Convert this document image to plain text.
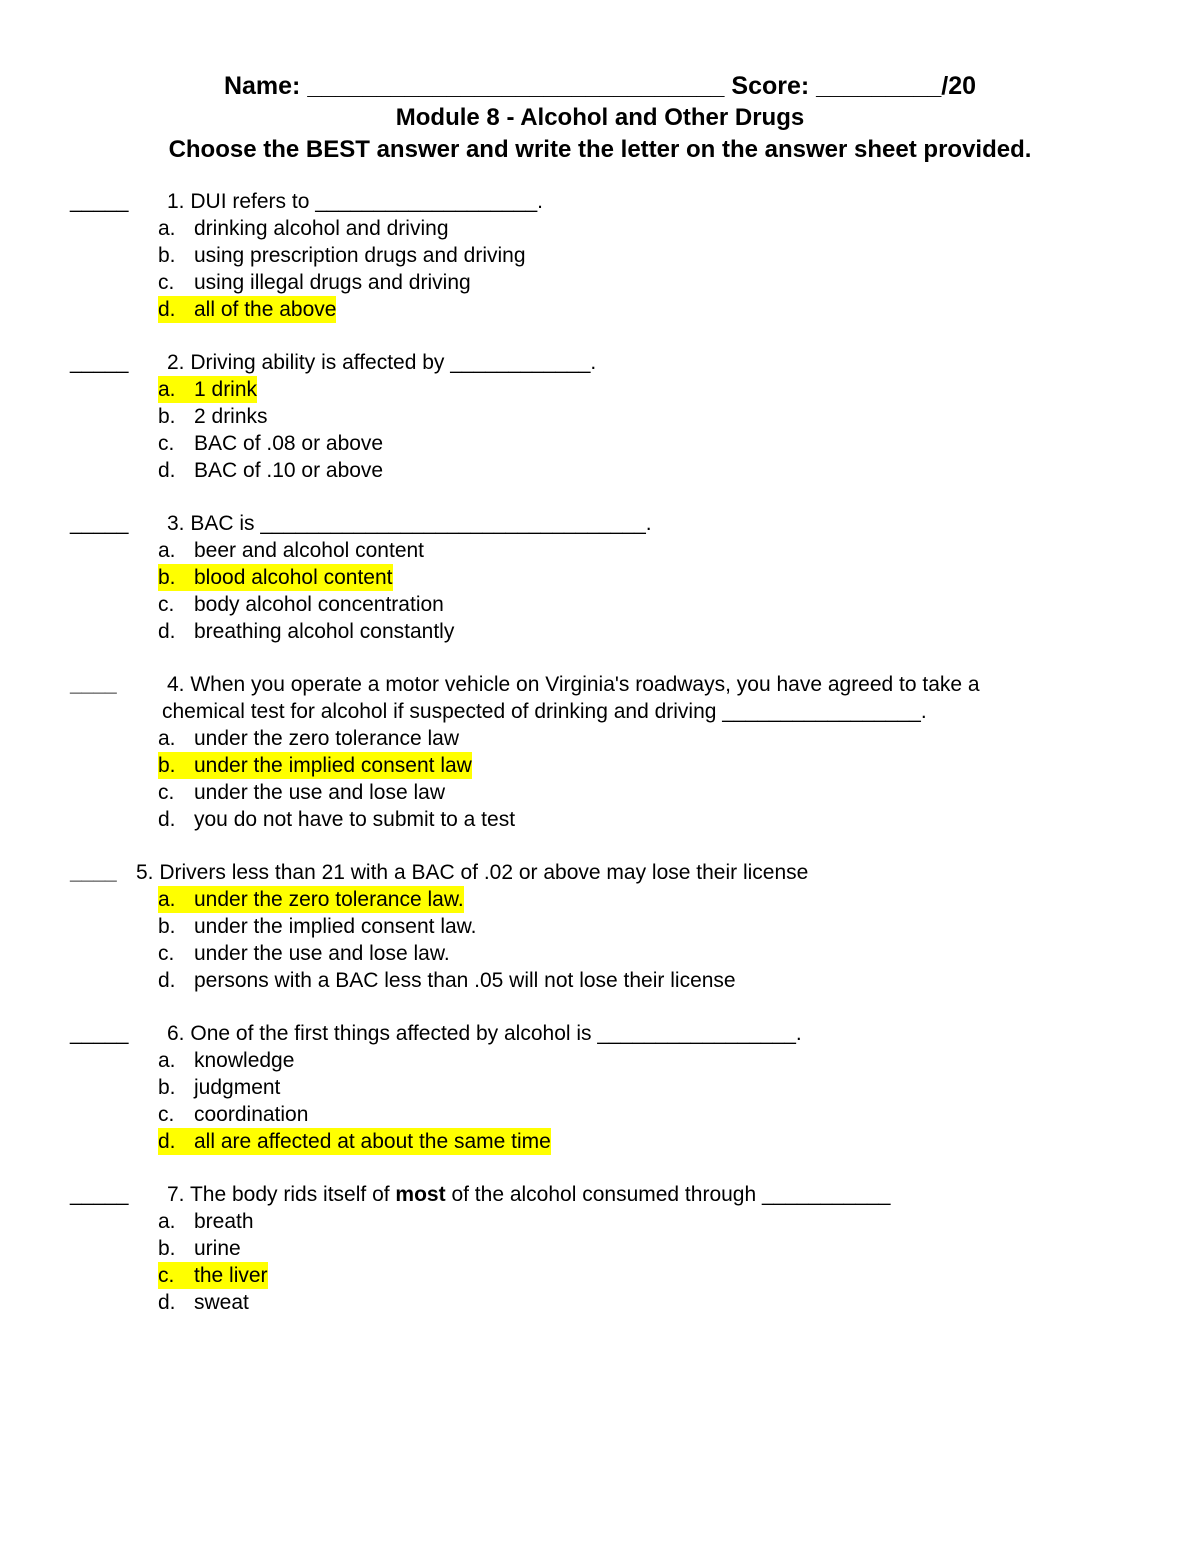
Name: ______________________________ Score: _________/20
Module 8 - Alcohol and Other Drugs
Choose the BEST answer and write the letter on the answer sheet provided.
_____	1. DUI refers to ___________________.
a. drinking alcohol and driving
b. using prescription drugs and driving
c. using illegal drugs and driving
d. all of the above
_____	2. Driving ability is affected by ____________.
a. 1 drink
b. 2 drinks
c. BAC of .08 or above
d. BAC of .10 or above
_____	3. BAC is _________________________________.
a. beer and alcohol content
b. blood alcohol content
c. body alcohol concentration
d. breathing alcohol constantly
____	4. When you operate a motor vehicle on Virginia's roadways, you have agreed to take a
chemical test for alcohol if suspected of drinking and driving _________________.
a. under the zero tolerance law
b. under the implied consent law
c. under the use and lose law
d. you do not have to submit to a test
____ 5. Drivers less than 21 with a BAC of .02 or above may lose their license
a. under the zero tolerance law.
b. under the implied consent law.
c. under the use and lose law.
d. persons with a BAC less than .05 will not lose their license
_____	6. One of the first things affected by alcohol is _________________.
a. knowledge
b. judgment
c. coordination
d. all are affected at about the same time
_____	7. The body rids itself of most of the alcohol consumed through ___________
a. breath
b. urine
c. the liver
d. sweat
